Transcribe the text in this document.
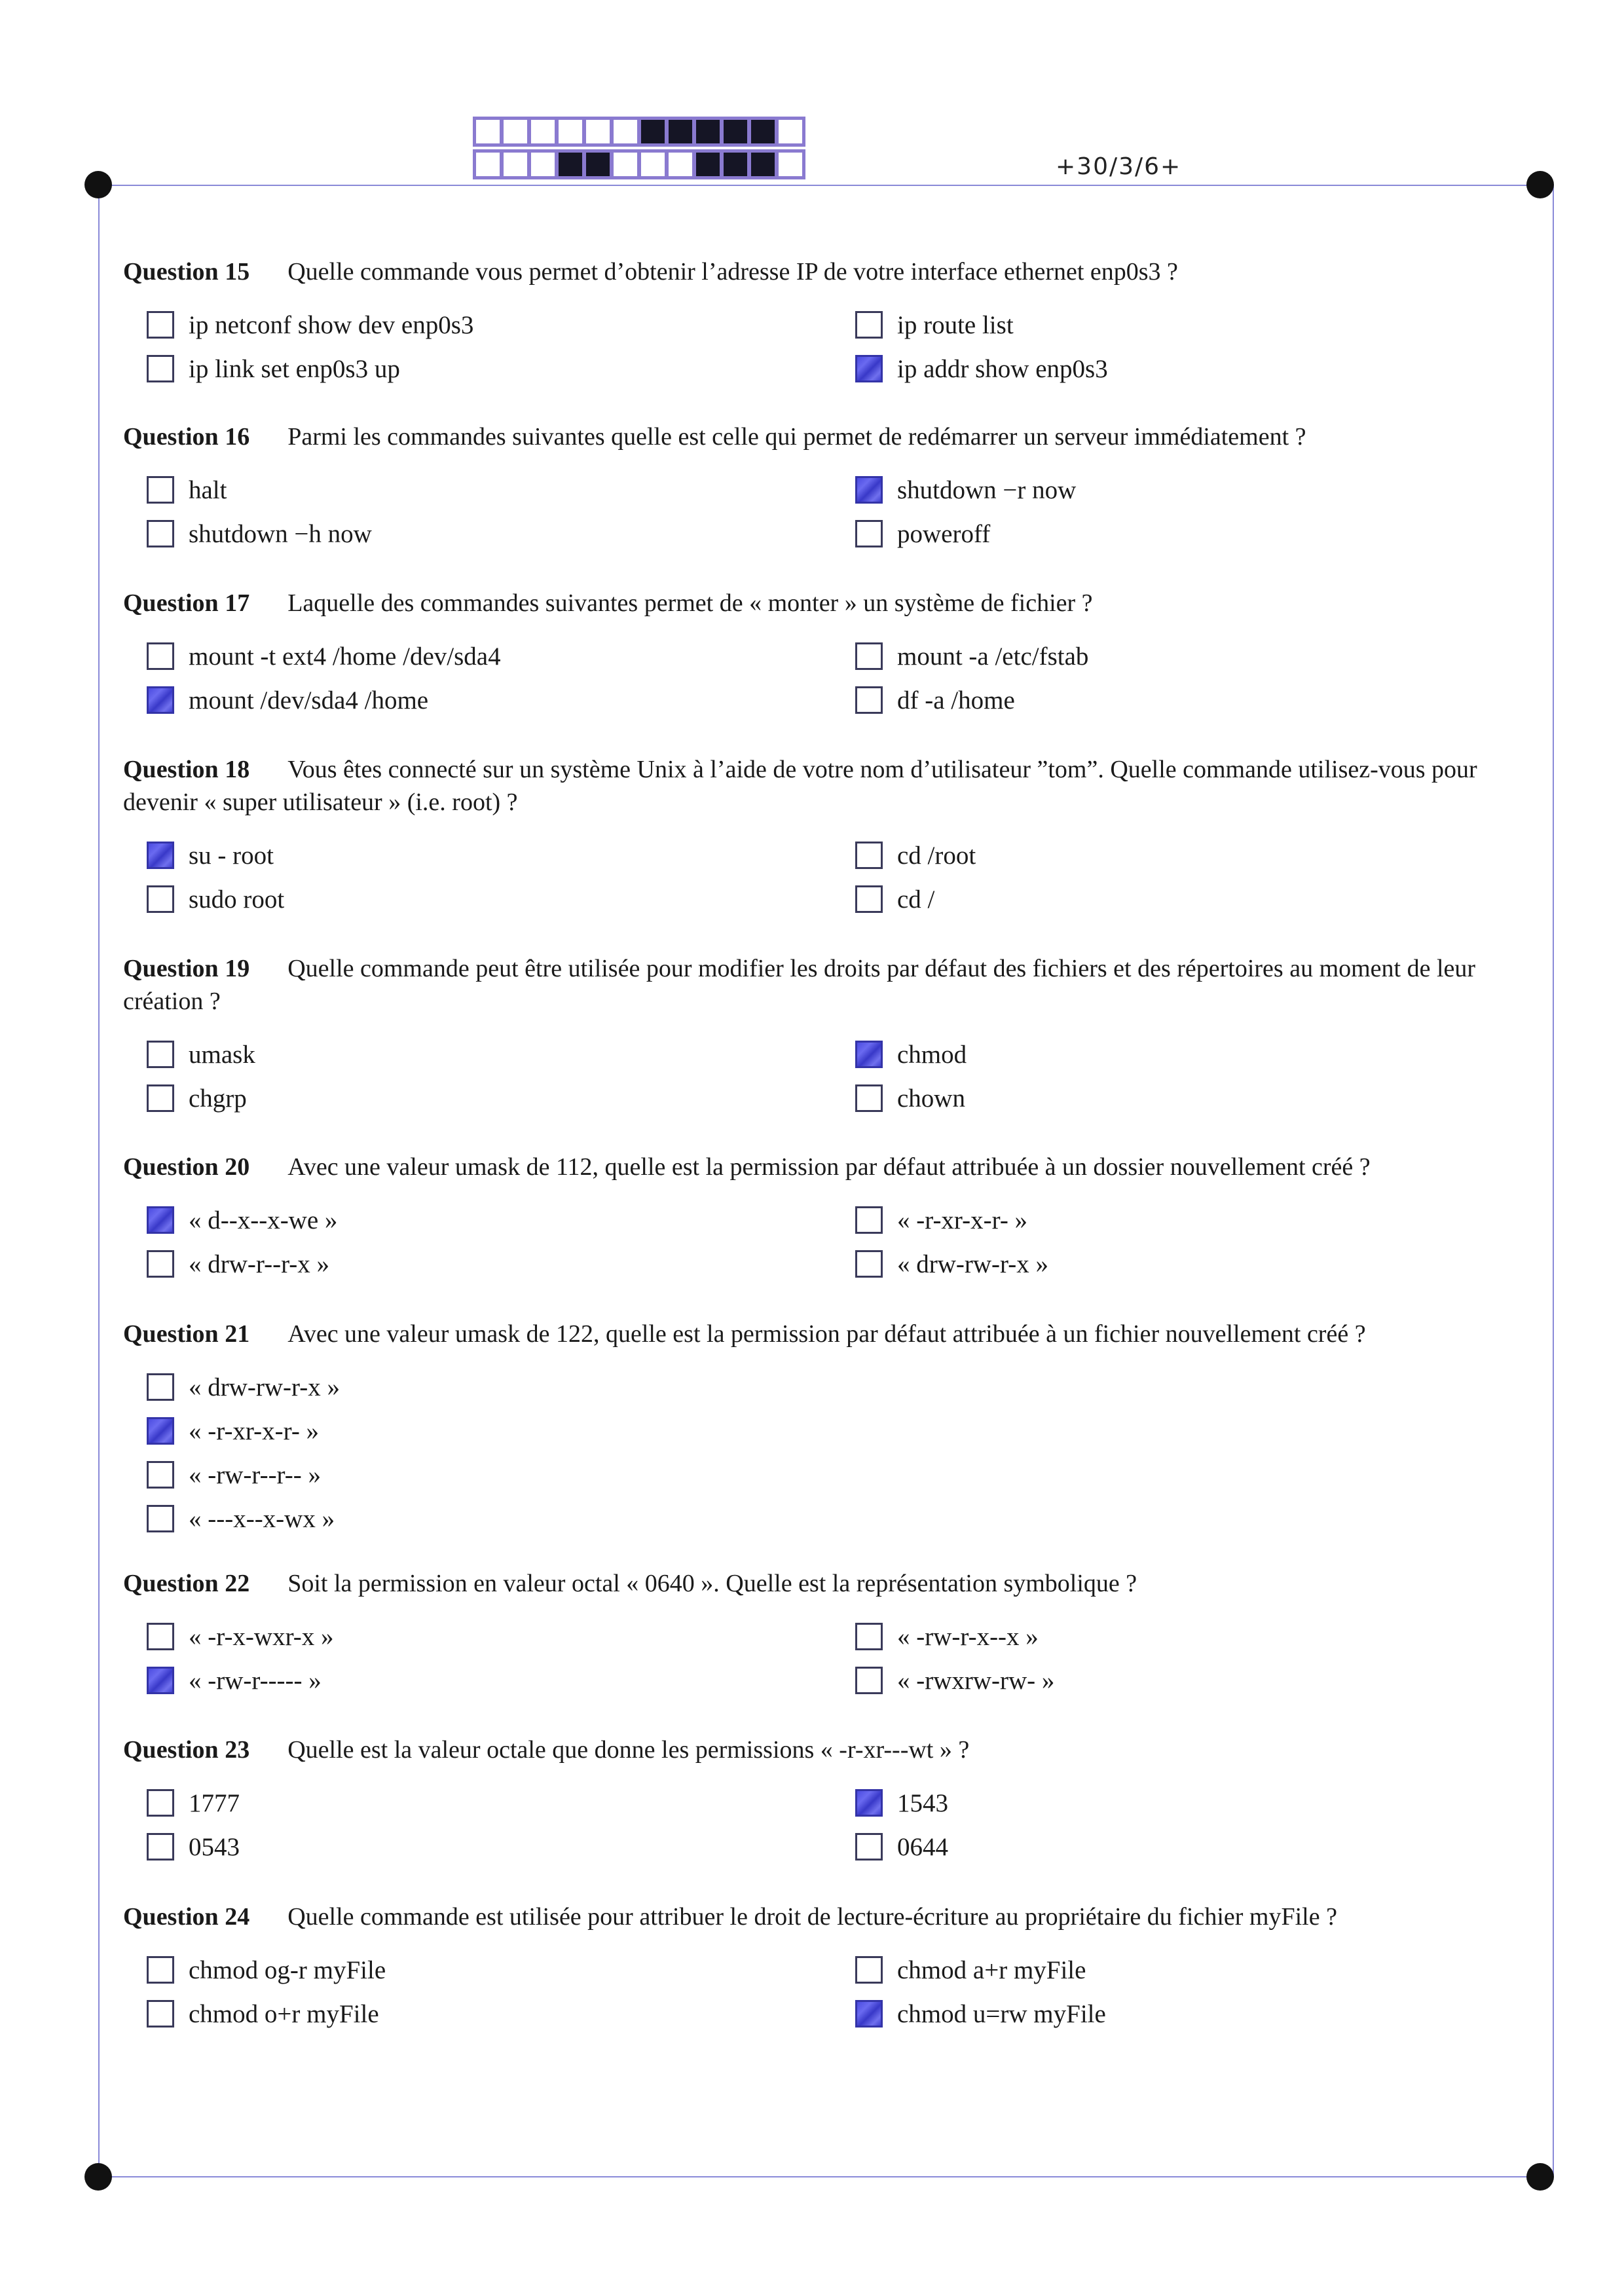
+30/3/6+
Question 15 Quelle commande vous permet d’obtenir l’adresse IP de votre interface ethernet enp0s3 ?
ip netconf show dev enp0s3	ip route list
ip link set enp0s3 up	ip addr show enp0s3
Question 16 Parmi les commandes suivantes quelle est celle qui permet de redémarrer un serveur immédiatement ?
halt	shutdown −r now
shutdown −h now	poweroff
Question 17 Laquelle des commandes suivantes permet de « monter » un système de fichier ?
mount -t ext4 /home /dev/sda4	mount -a /etc/fstab
mount /dev/sda4 /home	df -a /home
Question 18 Vous êtes connecté sur un système Unix à l’aide de votre nom d’utilisateur ”tom”. Quelle commande utilisez-vous pour devenir « super utilisateur » (i.e. root) ?
su - root	cd /root
sudo root	cd /
Question 19 Quelle commande peut être utilisée pour modifier les droits par défaut des fichiers et des répertoires au moment de leur création ?
umask	chmod
chgrp	chown
Question 20 Avec une valeur umask de 112, quelle est la permission par défaut attribuée à un dossier nouvellement créé ?
« d--x--x-we »	« -r-xr-x-r- »
« drw-r--r-x »	« drw-rw-r-x »
Question 21 Avec une valeur umask de 122, quelle est la permission par défaut attribuée à un fichier nouvellement créé ?
« drw-rw-r-x »
« -r-xr-x-r- »
« -rw-r--r-- »
« ---x--x-wx »
Question 22 Soit la permission en valeur octal « 0640 ». Quelle est la représentation symbolique ?
« -r-x-wxr-x »	« -rw-r-x--x »
« -rw-r----- »	« -rwxrw-rw- »
Question 23 Quelle est la valeur octale que donne les permissions « -r-xr---wt » ?
1777	1543
0543	0644
Question 24 Quelle commande est utilisée pour attribuer le droit de lecture-écriture au propriétaire du fichier myFile ?
chmod og-r myFile	chmod a+r myFile
chmod o+r myFile	chmod u=rw myFile
